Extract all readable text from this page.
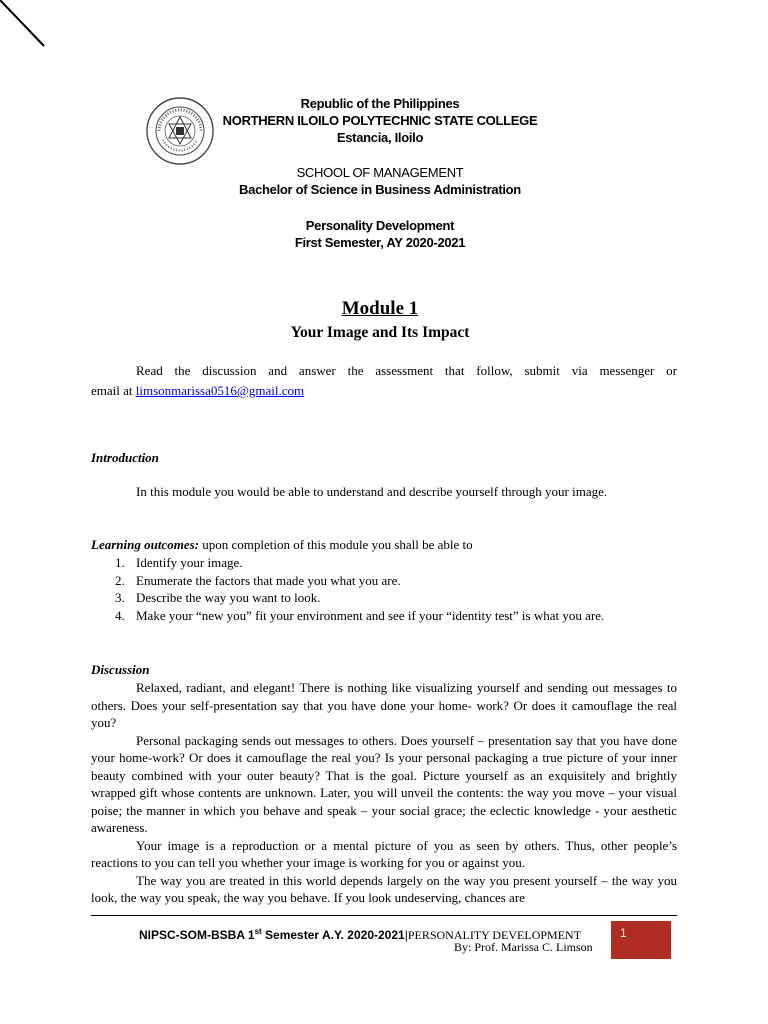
Republic of the Philippines
NORTHERN ILOILO POLYTECHNIC STATE COLLEGE
Estancia, Iloilo
SCHOOL OF MANAGEMENT
Bachelor of Science in Business Administration
Personality Development
First Semester, AY 2020-2021
Module 1
Your Image and Its Impact
Read the discussion and answer the assessment that follow, submit via messenger or
email at limsonmarissa0516@gmail.com
Introduction
In this module you would be able to understand and describe yourself through your image.
Learning outcomes: upon completion of this module you shall be able to
1. Identify your image.
2. Enumerate the factors that made you what you are.
3. Describe the way you want to look.
4. Make your “new you” fit your environment and see if your “identity test” is what you are.
Discussion
Relaxed, radiant, and elegant! There is nothing like visualizing yourself and sending out messages to others. Does your self-presentation say that you have done your home- work? Or does it camouflage the real you?
Personal packaging sends out messages to others. Does yourself – presentation say that you have done your home-work? Or does it camouflage the real you? Is your personal packaging a true picture of your inner beauty combined with your outer beauty? That is the goal. Picture yourself as an exquisitely and brightly wrapped gift whose contents are unknown. Later, you will unveil the contents: the way you move – your visual poise; the manner in which you behave and speak – your social grace; the eclectic knowledge - your aesthetic awareness.
Your image is a reproduction or a mental picture of you as seen by others. Thus, other people’s reactions to you can tell you whether your image is working for you or against you.
The way you are treated in this world depends largely on the way you present yourself – the way you look, the way you speak, the way you behave. If you look undeserving, chances are
NIPSC-SOM-BSBA 1st Semester A.Y. 2020-2021|PERSONALITY DEVELOPMENT
By: Prof. Marissa C. Limson
1
